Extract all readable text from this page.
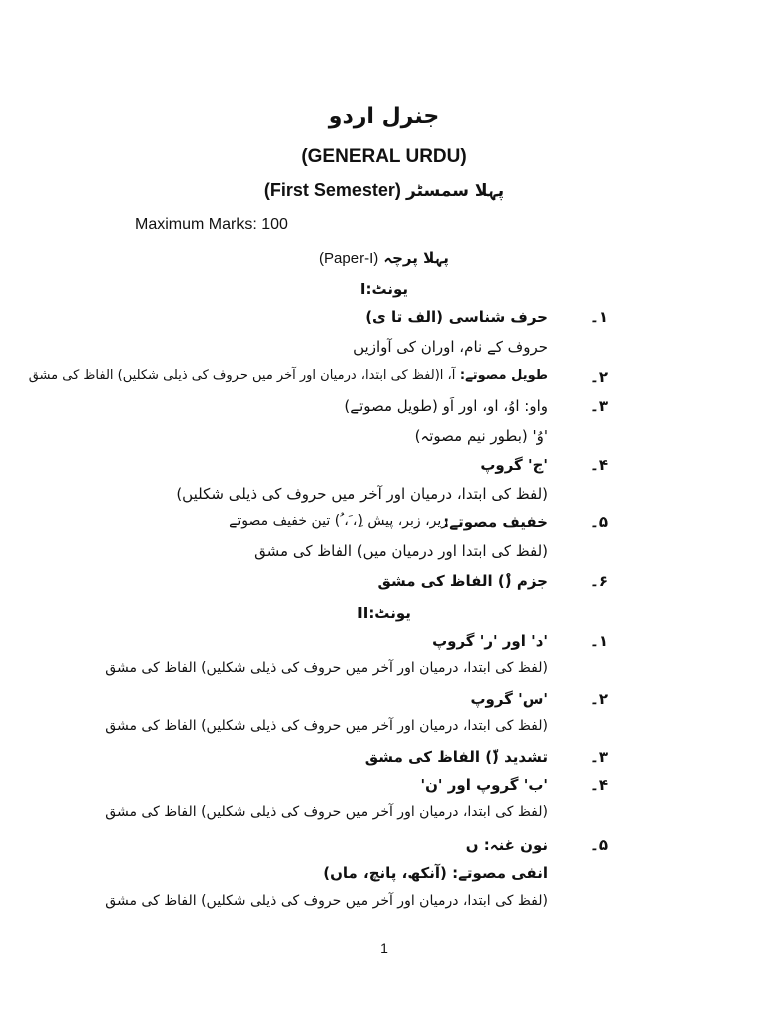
جنرل اردو
(GENERAL URDU)
(First Semester) پہلا سمسٹر
Maximum Marks: 100
(Paper-I) پہلا پرچہ
یونٹ:I
۱۔
حرف شناسی
(الف تا ی)
حروف کے نام، اوران کی آوازیں
۲۔
طویل مصوتے: آ، ا(لفظ کی ابتدا، درمیان اور آخر میں حروف کی ذیلی شکلیں) الفاظ کی مشق
۳۔
واو: اوُ، او، اور اَو (طویل مصوتے)
'وُ' (بطور نیم مصوتہ)
۴۔
'ج' گروپ
(لفظ کی ابتدا، درمیان اور آخر میں حروف کی ذیلی شکلیں)
۵۔
خفیف مصوتے:
زیر، زبر، پیش (ِ، َ، ُ) تین خفیف مصوتے
(لفظ کی ابتدا اور درمیان میں) الفاظ کی مشق
۶۔
جزم (ْ) الفاظ کی مشق
یونٹ:II
۱۔
'د' اور 'ر' گروپ
(لفظ کی ابتدا، درمیان اور آخر میں حروف کی ذیلی شکلیں) الفاظ کی مشق
۲۔
'س' گروپ
(لفظ کی ابتدا، درمیان اور آخر میں حروف کی ذیلی شکلیں) الفاظ کی مشق
۳۔
تشدید (ّ) الفاظ کی مشق
۴۔
'ب' گروپ اور 'ن'
(لفظ کی ابتدا، درمیان اور آخر میں حروف کی ذیلی شکلیں) الفاظ کی مشق
۵۔
نون غنہ: ں
انفی مصوتے: (آنکھ، پانچ، ماں)
(لفظ کی ابتدا، درمیان اور آخر میں حروف کی ذیلی شکلیں) الفاظ کی مشق
1
